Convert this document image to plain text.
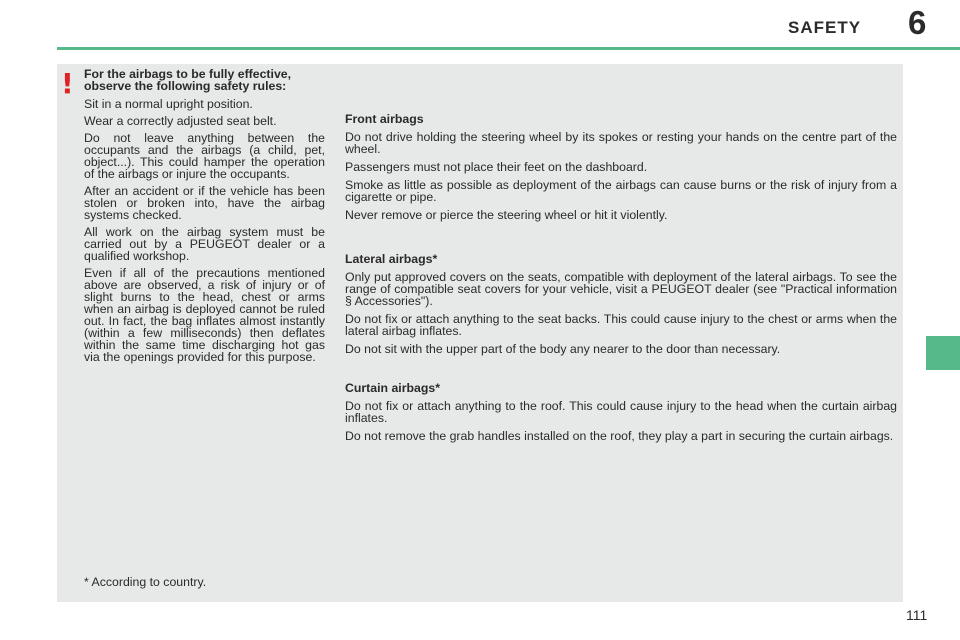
SAFETY 6
! For the airbags to be fully effective, observe the following safety rules:

Sit in a normal upright position.

Wear a correctly adjusted seat belt.

Do not leave anything between the occupants and the airbags (a child, pet, object...). This could hamper the operation of the airbags or injure the occupants.

After an accident or if the vehicle has been stolen or broken into, have the airbag systems checked.

All work on the airbag system must be carried out by a PEUGEOT dealer or a qualified workshop.

Even if all of the precautions mentioned above are observed, a risk of injury or of slight burns to the head, chest or arms when an airbag is deployed cannot be ruled out. In fact, the bag inflates almost instantly (within a few milliseconds) then deflates within the same time discharging hot gas via the openings provided for this purpose.

Front airbags

Do not drive holding the steering wheel by its spokes or resting your hands on the centre part of the wheel.

Passengers must not place their feet on the dashboard.

Smoke as little as possible as deployment of the airbags can cause burns or the risk of injury from a cigarette or pipe.

Never remove or pierce the steering wheel or hit it violently.

Lateral airbags*

Only put approved covers on the seats, compatible with deployment of the lateral airbags. To see the range of compatible seat covers for your vehicle, visit a PEUGEOT dealer (see "Practical information § Accessories").

Do not fix or attach anything to the seat backs. This could cause injury to the chest or arms when the lateral airbag inflates.

Do not sit with the upper part of the body any nearer to the door than necessary.

Curtain airbags*

Do not fix or attach anything to the roof. This could cause injury to the head when the curtain airbag inflates.

Do not remove the grab handles installed on the roof, they play a part in securing the curtain airbags.

* According to country.
111
